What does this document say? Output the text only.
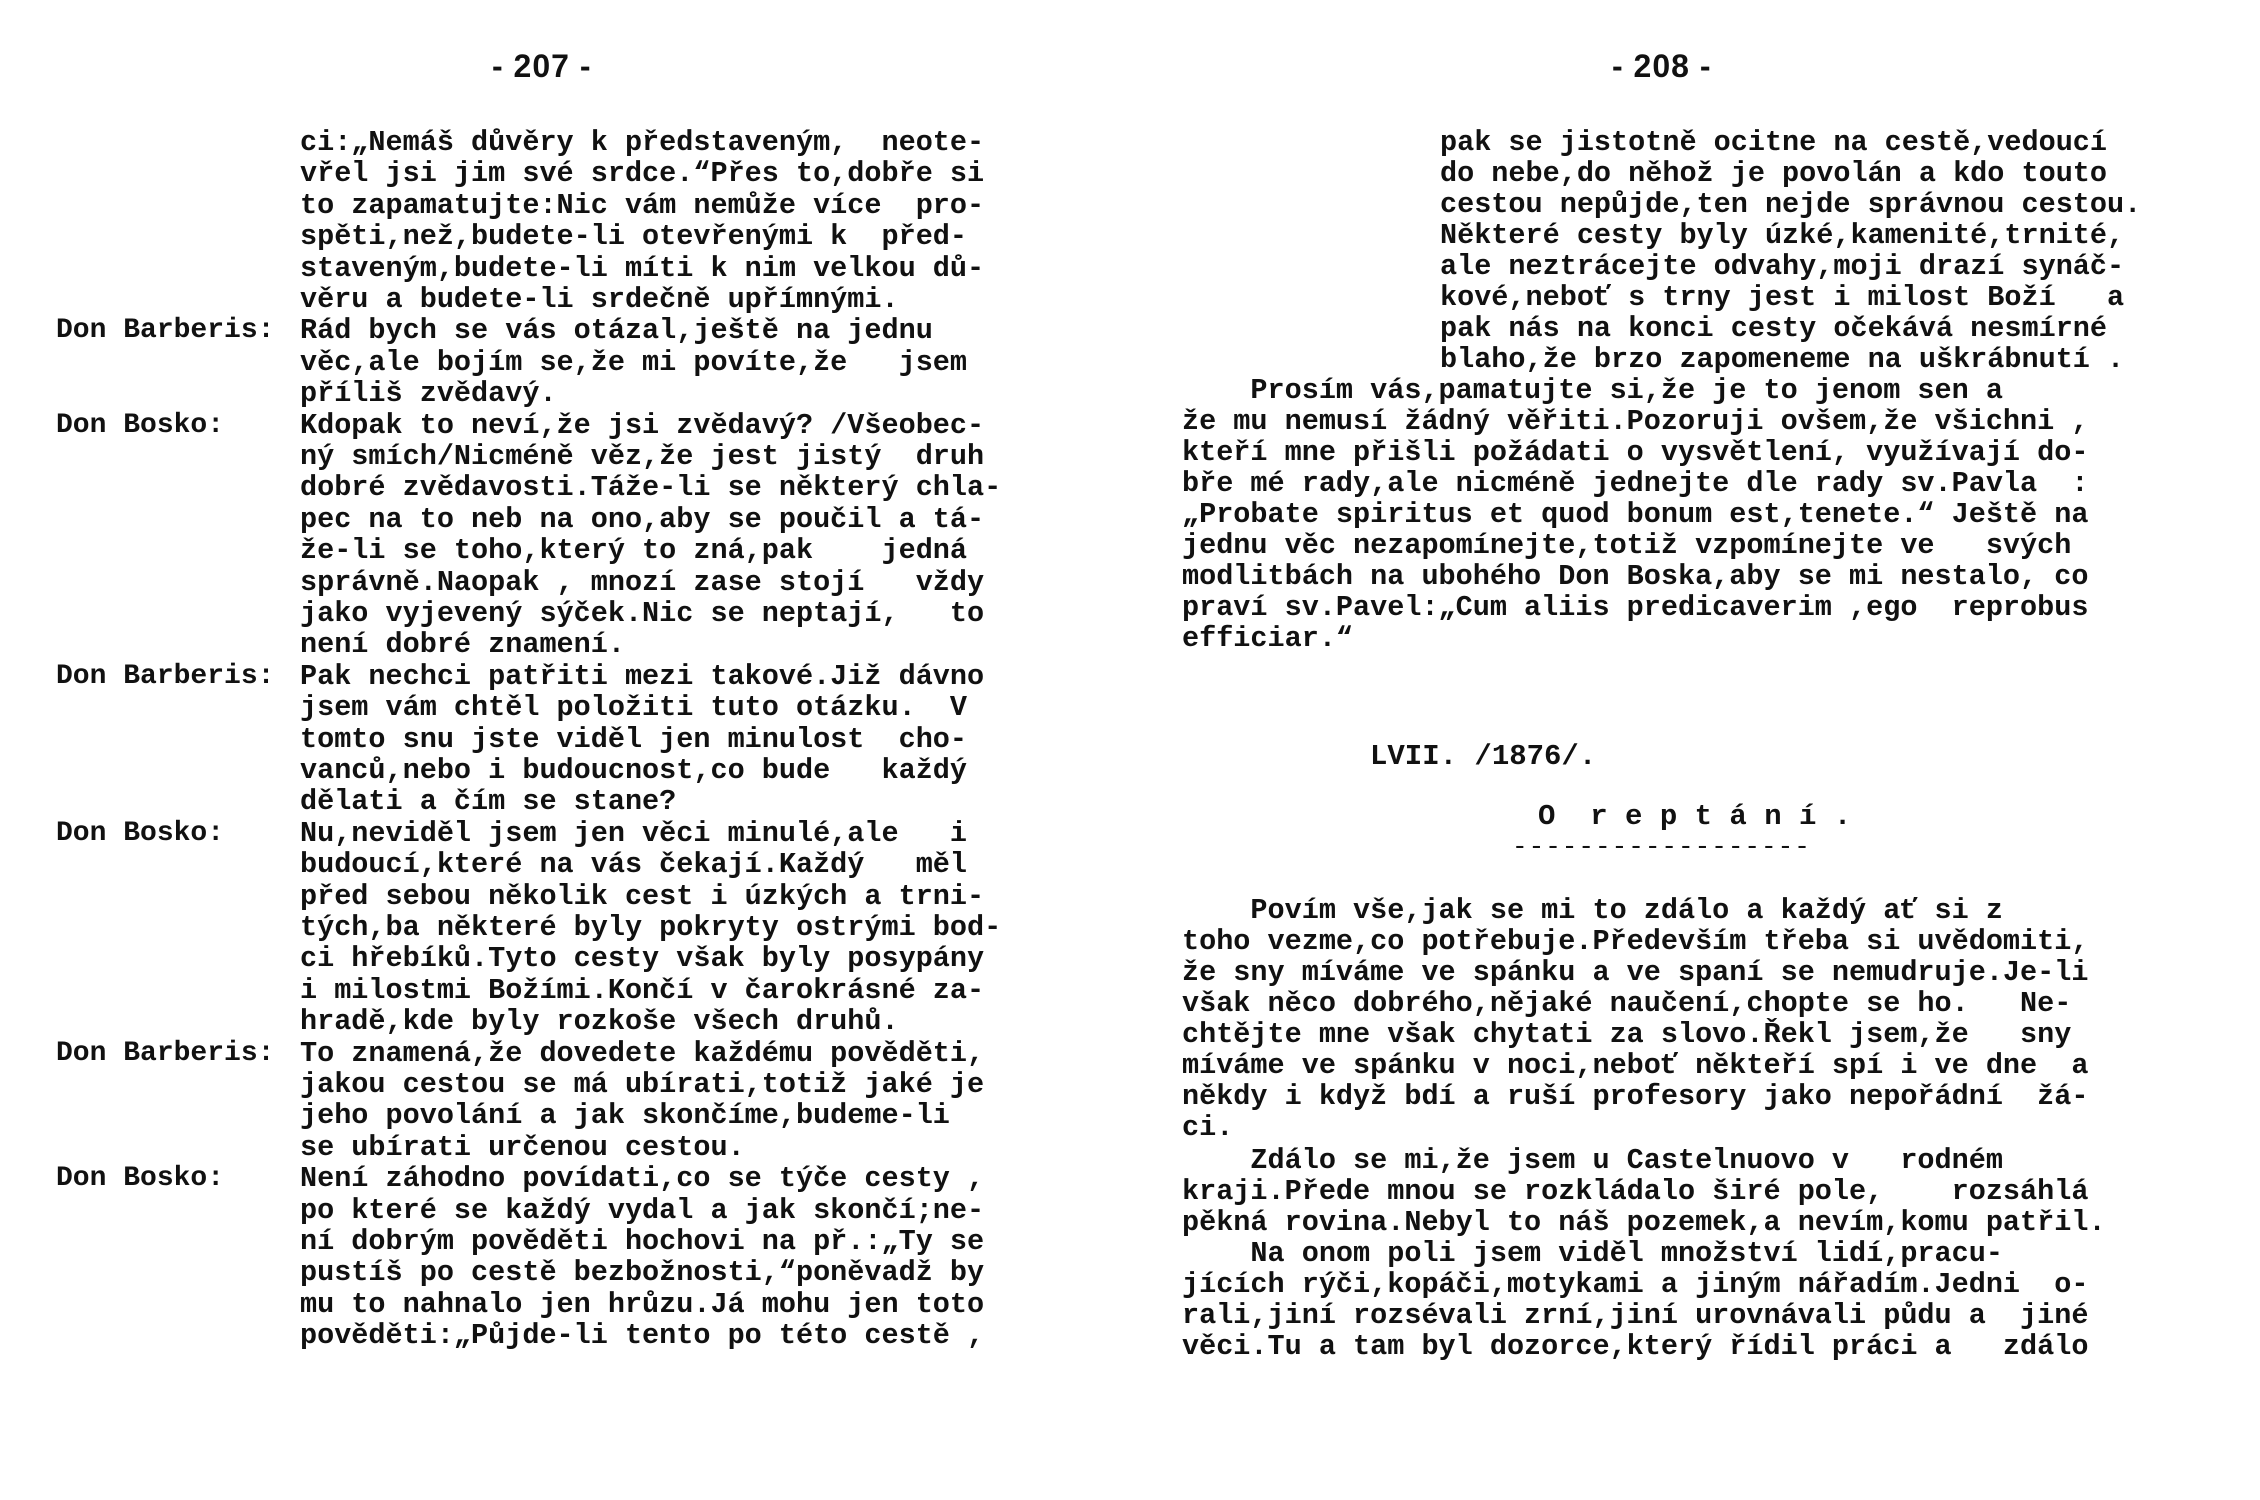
- 207 -
ci:„Nemáš důvěry k představeným,  neote-
vřel jsi jim své srdce.“Přes to,dobře si
to zapamatujte:Nic vám nemůže více  pro-
spěti,než,budete-li otevřenými k  před-
staveným,budete-li míti k nim velkou dů-
věru a budete-li srdečně upřímnými.
Don Barberis: Rád bych se vás otázal,ještě na jednu
věc,ale bojím se,že mi povíte,že   jsem
příliš zvědavý.
Don Bosko:	Kdopak to neví,že jsi zvědavý? /Všeobec-
ný smích/Nicméně věz,že jest jistý  druh
dobré zvědavosti.Táže-li se některý chla-
pec na to neb na ono,aby se poučil a tá-
že-li se toho,který to zná,pak    jedná
správně.Naopak , mnozí zase stojí   vždy
jako vyjevený sýček.Nic se neptají,   to
není dobré znamení.
Don Barberis: Pak nechci patřiti mezi takové.Již dávno
jsem vám chtěl položiti tuto otázku.  V
tomto snu jste viděl jen minulost  cho-
vanců,nebo i budoucnost,co bude   každý
dělati a čím se stane?
Don Bosko:	Nu,neviděl jsem jen věci minulé,ale   i
budoucí,které na vás čekají.Každý   měl
před sebou několik cest i úzkých a trni-
tých,ba některé byly pokryty ostrými bod-
ci hřebíků.Tyto cesty však byly posypány
i milostmi Božími.Končí v čarokrásné za-
hradě,kde byly rozkoše všech druhů.
Don Barberis: To znamená,že dovedete každému pověděti,
jakou cestou se má ubírati,totiž jaké je
jeho povolání a jak skončíme,budeme-li
se ubírati určenou cestou.
Don Bosko:	Není záhodno povídati,co se týče cesty ,
po které se každý vydal a jak skončí;ne-
ní dobrým pověděti hochovi na př.:„Ty se
pustíš po cestě bezbožnosti,“poněvadž by
mu to nahnalo jen hrůzu.Já mohu jen toto
pověděti:„Půjde-li tento po této cestě ,
- 208 -
pak se jistotně ocitne na cestě,vedoucí
do nebe,do něhož je povolán a kdo touto
cestou nepůjde,ten nejde správnou cestou.
Některé cesty byly úzké,kamenité,trnité,
ale neztrácejte odvahy,moji drazí synáč-
kové,neboť s trny jest i milost Boží   a
pak nás na konci cesty očekává nesmírné
blaho,že brzo zapomeneme na uškrábnutí .
Prosím vás,pamatujte si,že je to jenom sen a
že mu nemusí žádný věřiti.Pozoruji ovšem,že všichni ,
kteří mne přišli požádati o vysvětlení, využívají do-
bře mé rady,ale nicméně jednejte dle rady sv.Pavla  :
„Probate spiritus et quod bonum est,tenete.“ Ještě na
jednu věc nezapomínejte,totiž vzpomínejte ve   svých
modlitbách na ubohého Don Boska,aby se mi nestalo, co
praví sv.Pavel:„Cum aliis predicaverim ,ego  reprobus
efficiar.“
LVII. /1876/.
O  r e p t á n í .
------------------
Povím vše,jak se mi to zdálo a každý ať si z
toho vezme,co potřebuje.Především třeba si uvědomiti,
že sny míváme ve spánku a ve spaní se nemudruje.Je-li
však něco dobrého,nějaké naučení,chopte se ho.   Ne-
chtějte mne však chytati za slovo.Řekl jsem,že   sny
míváme ve spánku v noci,neboť někteří spí i ve dne  a
někdy i když bdí a ruší profesory jako nepořádní  žá-
ci.
Zdálo se mi,že jsem u Castelnuovo v   rodném
kraji.Přede mnou se rozkládalo širé pole,    rozsáhlá
pěkná rovina.Nebyl to náš pozemek,a nevím,komu patřil.
Na onom poli jsem viděl množství lidí,pracu-
jících rýči,kopáči,motykami a jiným nářadím.Jedni  o-
rali,jiní rozsévali zrní,jiní urovnávali půdu a  jiné
věci.Tu a tam byl dozorce,který řídil práci a   zdálo
